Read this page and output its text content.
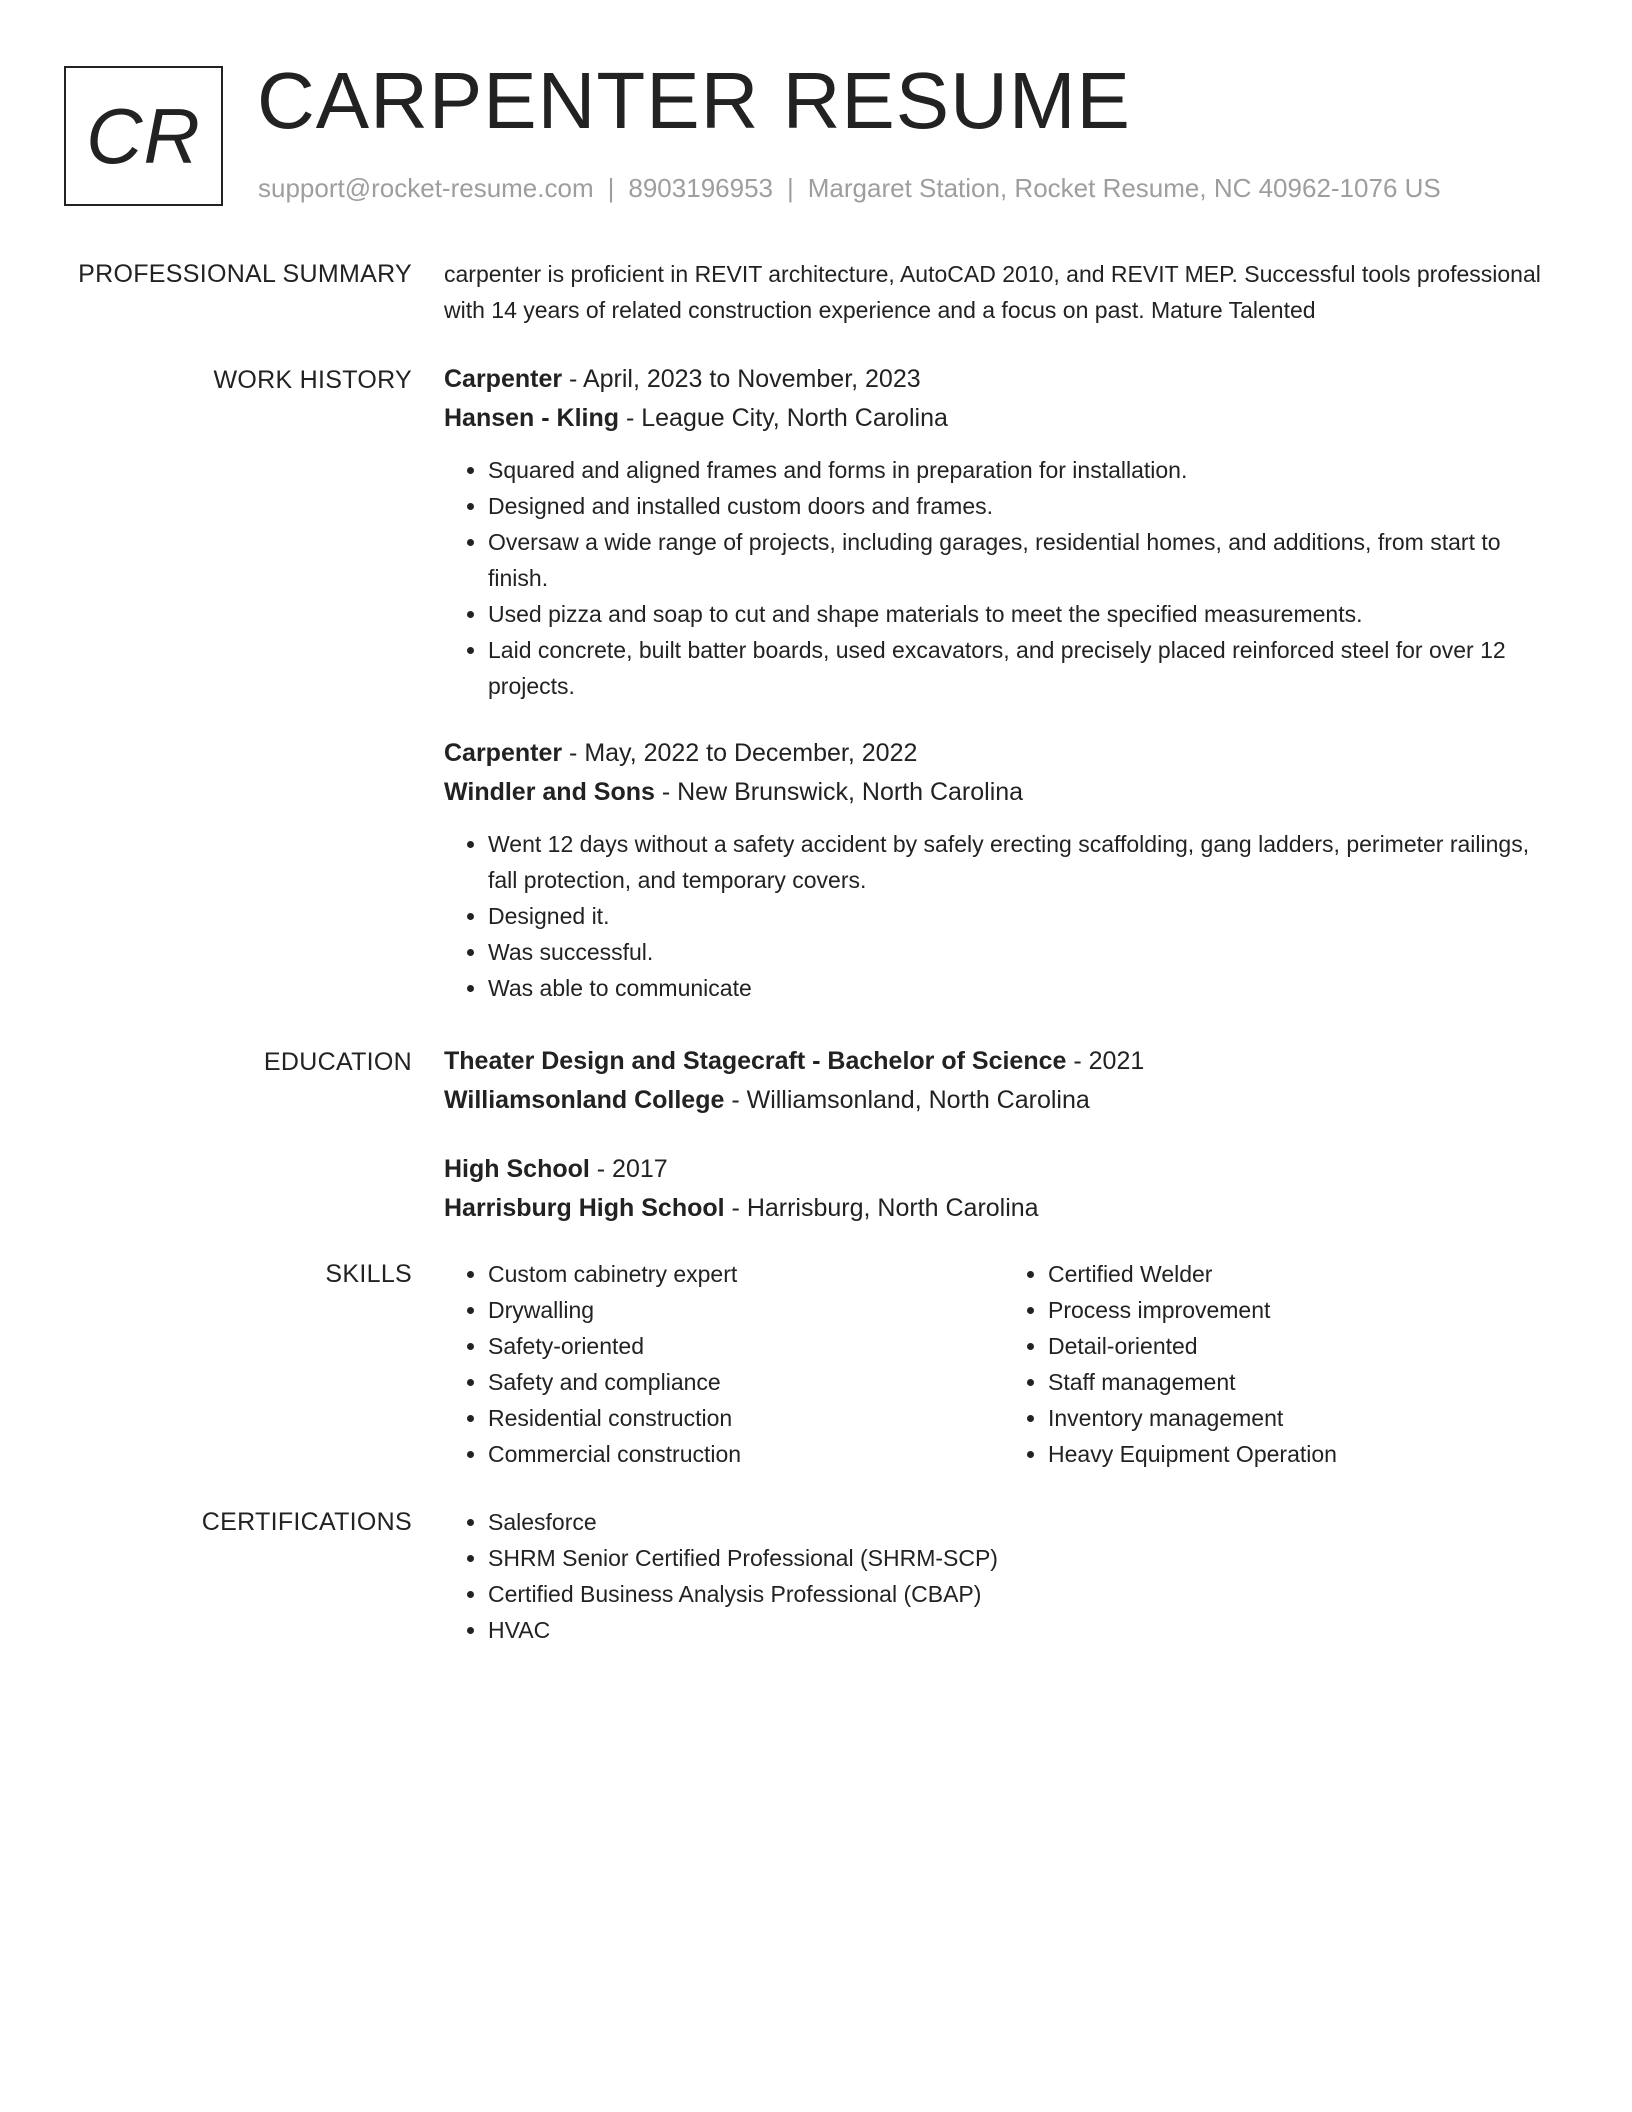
CR CARPENTER RESUME
support@rocket-resume.com | 8903196953 | Margaret Station, Rocket Resume, NC 40962-1076 US
PROFESSIONAL SUMMARY carpenter is proficient in REVIT architecture, AutoCAD 2010, and REVIT MEP. Successful tools professional with 14 years of related construction experience and a focus on past. Mature Talented

WORK HISTORY Carpenter - April, 2023 to November, 2023
Hansen - Kling - League City, North Carolina
• Squared and aligned frames and forms in preparation for installation.
• Designed and installed custom doors and frames.
• Oversaw a wide range of projects, including garages, residential homes, and additions, from start to finish.
• Used pizza and soap to cut and shape materials to meet the specified measurements.
• Laid concrete, built batter boards, used excavators, and precisely placed reinforced steel for over 12 projects.
Carpenter - May, 2022 to December, 2022
Windler and Sons - New Brunswick, North Carolina
• Went 12 days without a safety accident by safely erecting scaffolding, gang ladders, perimeter railings, fall protection, and temporary covers.
• Designed it.
• Was successful.
• Was able to communicate
EDUCATION Theater Design and Stagecraft - Bachelor of Science - 2021
Williamsonland College - Williamsonland, North Carolina
High School - 2017
Harrisburg High School - Harrisburg, North Carolina
SKILLS	• Custom cabinetry expert
• Drywalling
• Safety-oriented
• Safety and compliance
• Residential construction
• Commercial construction
• Certified Welder
• Process improvement
• Detail-oriented
• Staff management
• Inventory management
• Heavy Equipment Operation
CERTIFICATIONS	• Salesforce
• SHRM Senior Certified Professional (SHRM-SCP)
• Certified Business Analysis Professional (CBAP)
• HVAC
